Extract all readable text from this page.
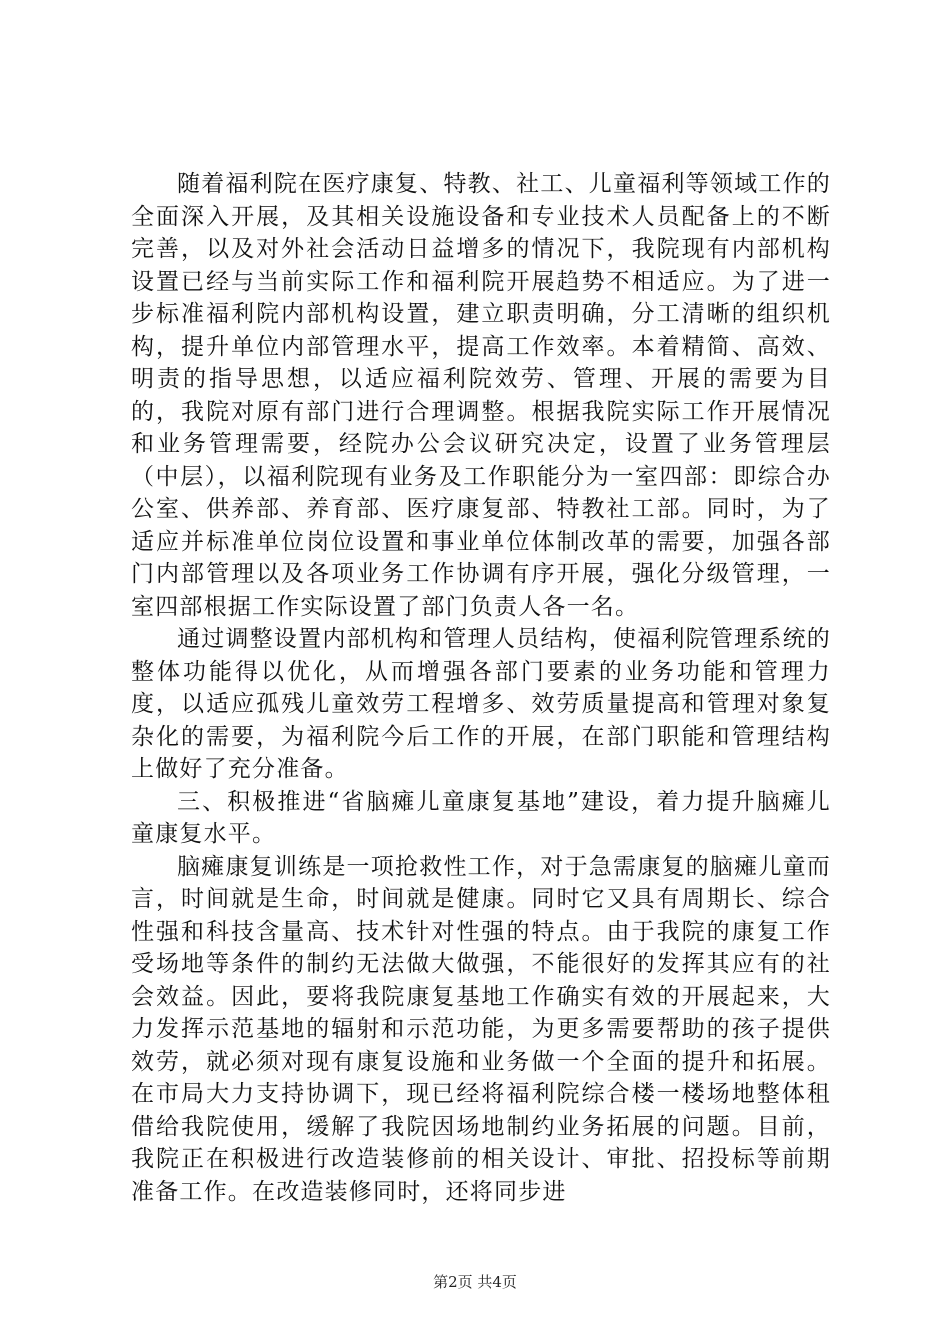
随着福利院在医疗康复、特教、社工、儿童福利等领域工作的全面深入开展，及其相关设施设备和专业技术人员配备上的不断完善，以及对外社会活动日益增多的情况下，我院现有内部机构设置已经与当前实际工作和福利院开展趋势不相适应。为了进一步标准福利院内部机构设置，建立职责明确，分工清晰的组织机构，提升单位内部管理水平，提高工作效率。本着精简、高效、明责的指导思想，以适应福利院效劳、管理、开展的需要为目的，我院对原有部门进行合理调整。根据我院实际工作开展情况和业务管理需要，经院办公会议研究决定，设置了业务管理层（中层），以福利院现有业务及工作职能分为一室四部：即综合办公室、供养部、养育部、医疗康复部、特教社工部。同时，为了适应并标准单位岗位设置和事业单位体制改革的需要，加强各部门内部管理以及各项业务工作协调有序开展，强化分级管理，一室四部根据工作实际设置了部门负责人各一名。

通过调整设置内部机构和管理人员结构，使福利院管理系统的整体功能得以优化，从而增强各部门要素的业务功能和管理力度，以适应孤残儿童效劳工程增多、效劳质量提高和管理对象复杂化的需要，为福利院今后工作的开展，在部门职能和管理结构上做好了充分准备。

三、积极推进“省脑瘫儿童康复基地”建设，着力提升脑瘫儿童康复水平。

脑瘫康复训练是一项抢救性工作，对于急需康复的脑瘫儿童而言，时间就是生命，时间就是健康。同时它又具有周期长、综合性强和科技含量高、技术针对性强的特点。由于我院的康复工作受场地等条件的制约无法做大做强，不能很好的发挥其应有的社会效益。因此，要将我院康复基地工作确实有效的开展起来，大力发挥示范基地的辐射和示范功能，为更多需要帮助的孩子提供效劳，就必须对现有康复设施和业务做一个全面的提升和拓展。在市局大力支持协调下，现已经将福利院综合楼一楼场地整体租借给我院使用，缓解了我院因场地制约业务拓展的问题。目前，我院正在积极进行改造装修前的相关设计、审批、招投标等前期准备工作。在改造装修同时，还将同步进

第2页 共4页
